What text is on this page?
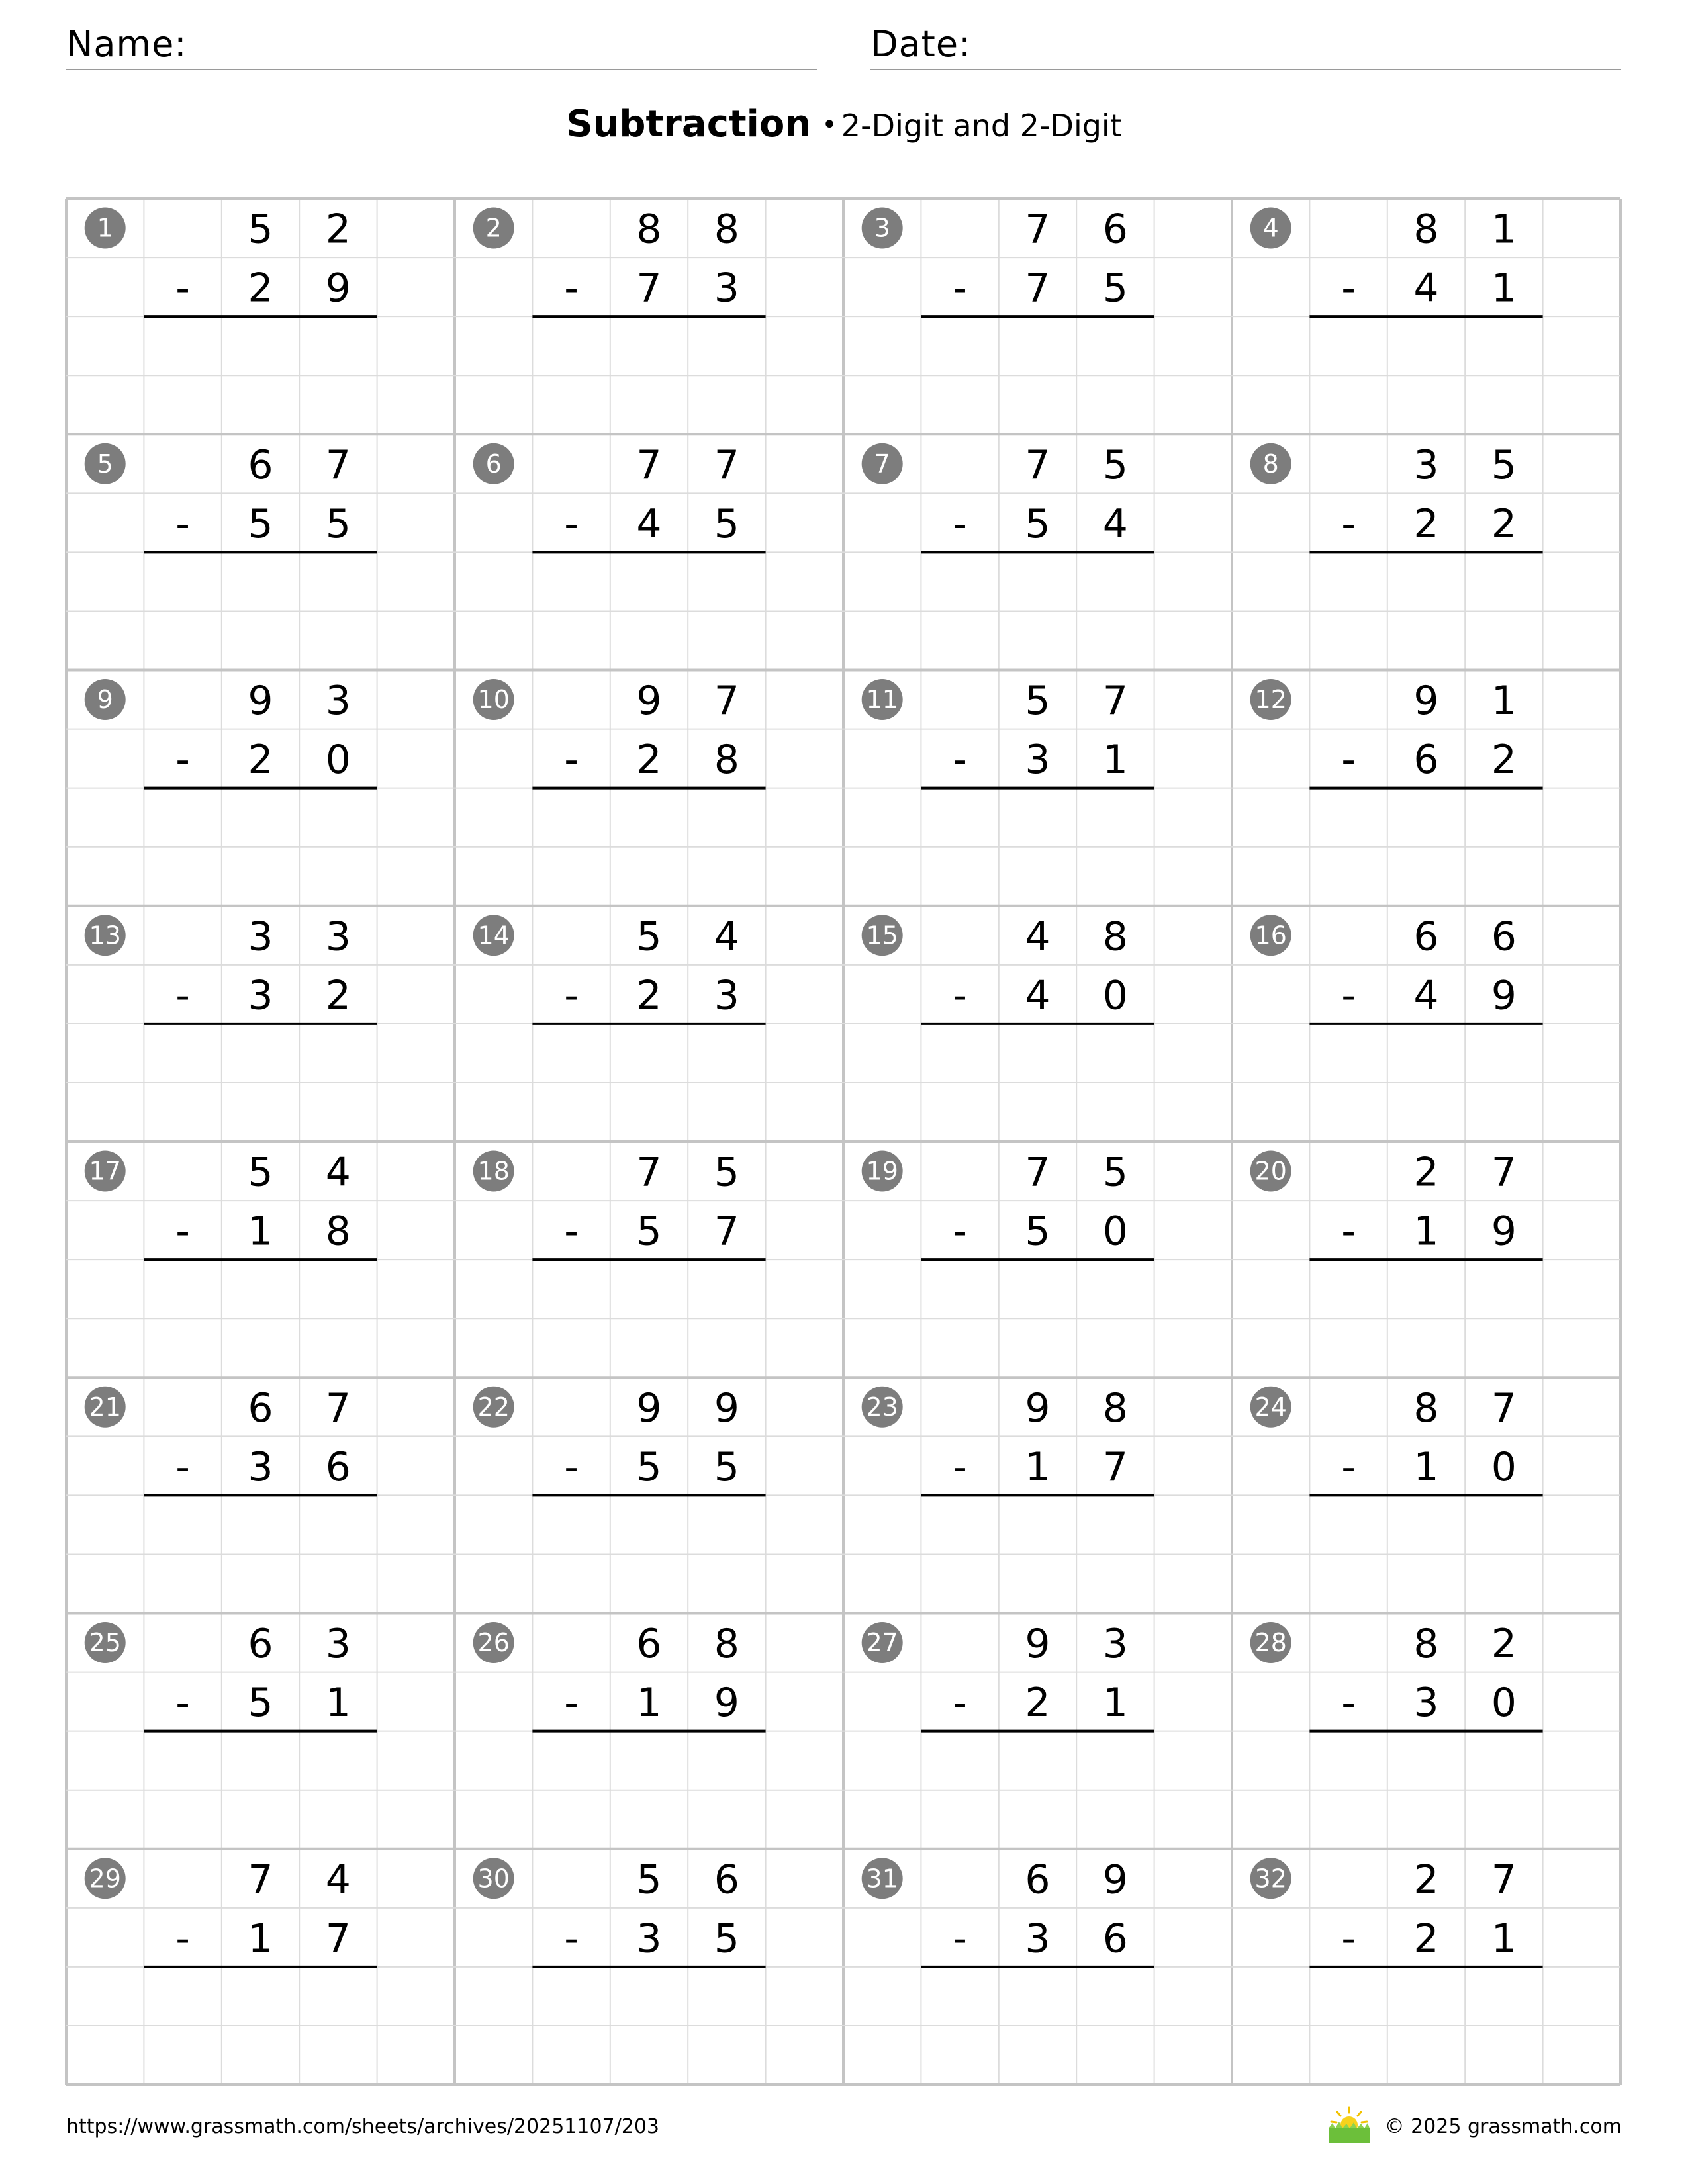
Name:	Date:
Subtraction • 2-Digit and 2-Digit
1	5 2
- 2 9
2	8 8
- 7 3
3	7 6
- 7 5
4	8 1
- 4 1
5	6 7
- 5 5
6	7 7
- 4 5
7	7 5
- 5 4
8	3 5
- 2 2
9	9 3
- 2 0
10	9 7
- 2 8
11	5 7
- 3 1
12	9 1
- 6 2
13	3 3
- 3 2
14	5 4
- 2 3
15	4 8
- 4 0
16	6 6
- 4 9
17	5 4
- 1 8
18	7 5
- 5 7
19	7 5
- 5 0
20	2 7
- 1 9
21	6 7
- 3 6
22	9 9
- 5 5
23	9 8
- 1 7
24	8 7
- 1 0
25	6 3
- 5 1
26	6 8
- 1 9
27	9 3
- 2 1
28	8 2
- 3 0
29	7 4
- 1 7
30	5 6
- 3 5
31	6 9
- 3 6
32	2 7
- 2 1
https://www.grassmath.com/sheets/archives/20251107/203	© 2025 grassmath.com
